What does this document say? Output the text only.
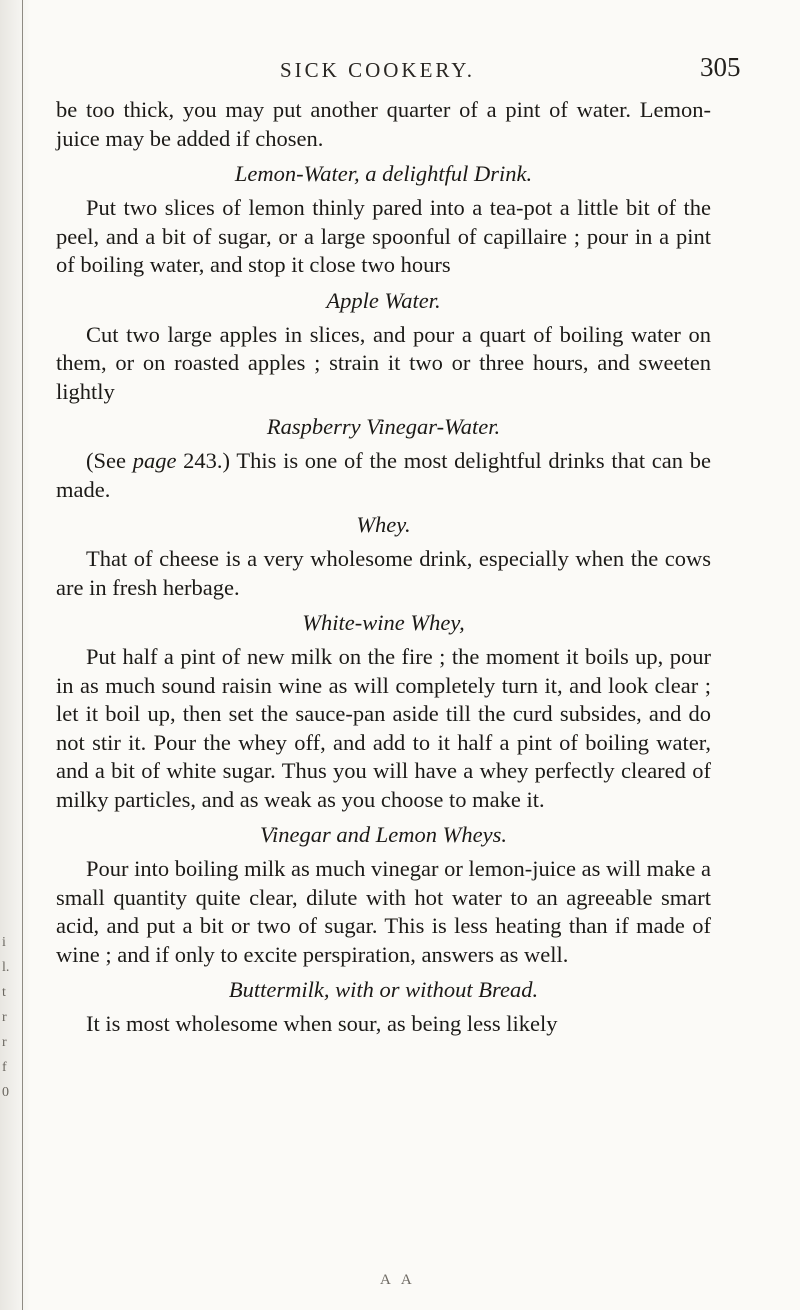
i
l.
t
r
r
f
0
SICK COOKERY.	305

be too thick, you may put another quarter of a pint of water. Lemon-juice may be added if chosen.

Lemon-Water, a delightful Drink.

Put two slices of lemon thinly pared into a tea-pot a little bit of the peel, and a bit of sugar, or a large spoonful of capillaire ; pour in a pint of boiling water, and stop it close two hours

Apple Water.

Cut two large apples in slices, and pour a quart of boiling water on them, or on roasted apples ; strain it two or three hours, and sweeten lightly

Raspberry Vinegar-Water.

(See page 243.) This is one of the most delightful drinks that can be made.

Whey.

That of cheese is a very wholesome drink, especially when the cows are in fresh herbage.

White-wine Whey,

Put half a pint of new milk on the fire ; the moment it boils up, pour in as much sound raisin wine as will completely turn it, and look clear ; let it boil up, then set the sauce-pan aside till the curd subsides, and do not stir it. Pour the whey off, and add to it half a pint of boiling water, and a bit of white sugar. Thus you will have a whey perfectly cleared of milky particles, and as weak as you choose to make it.

Vinegar and Lemon Wheys.

Pour into boiling milk as much vinegar or lemon-juice as will make a small quantity quite clear, dilute with hot water to an agreeable smart acid, and put a bit or two of sugar. This is less heating than if made of wine ; and if only to excite perspiration, answers as well.

Buttermilk, with or without Bread.

It is most wholesome when sour, as being less likely

A A
